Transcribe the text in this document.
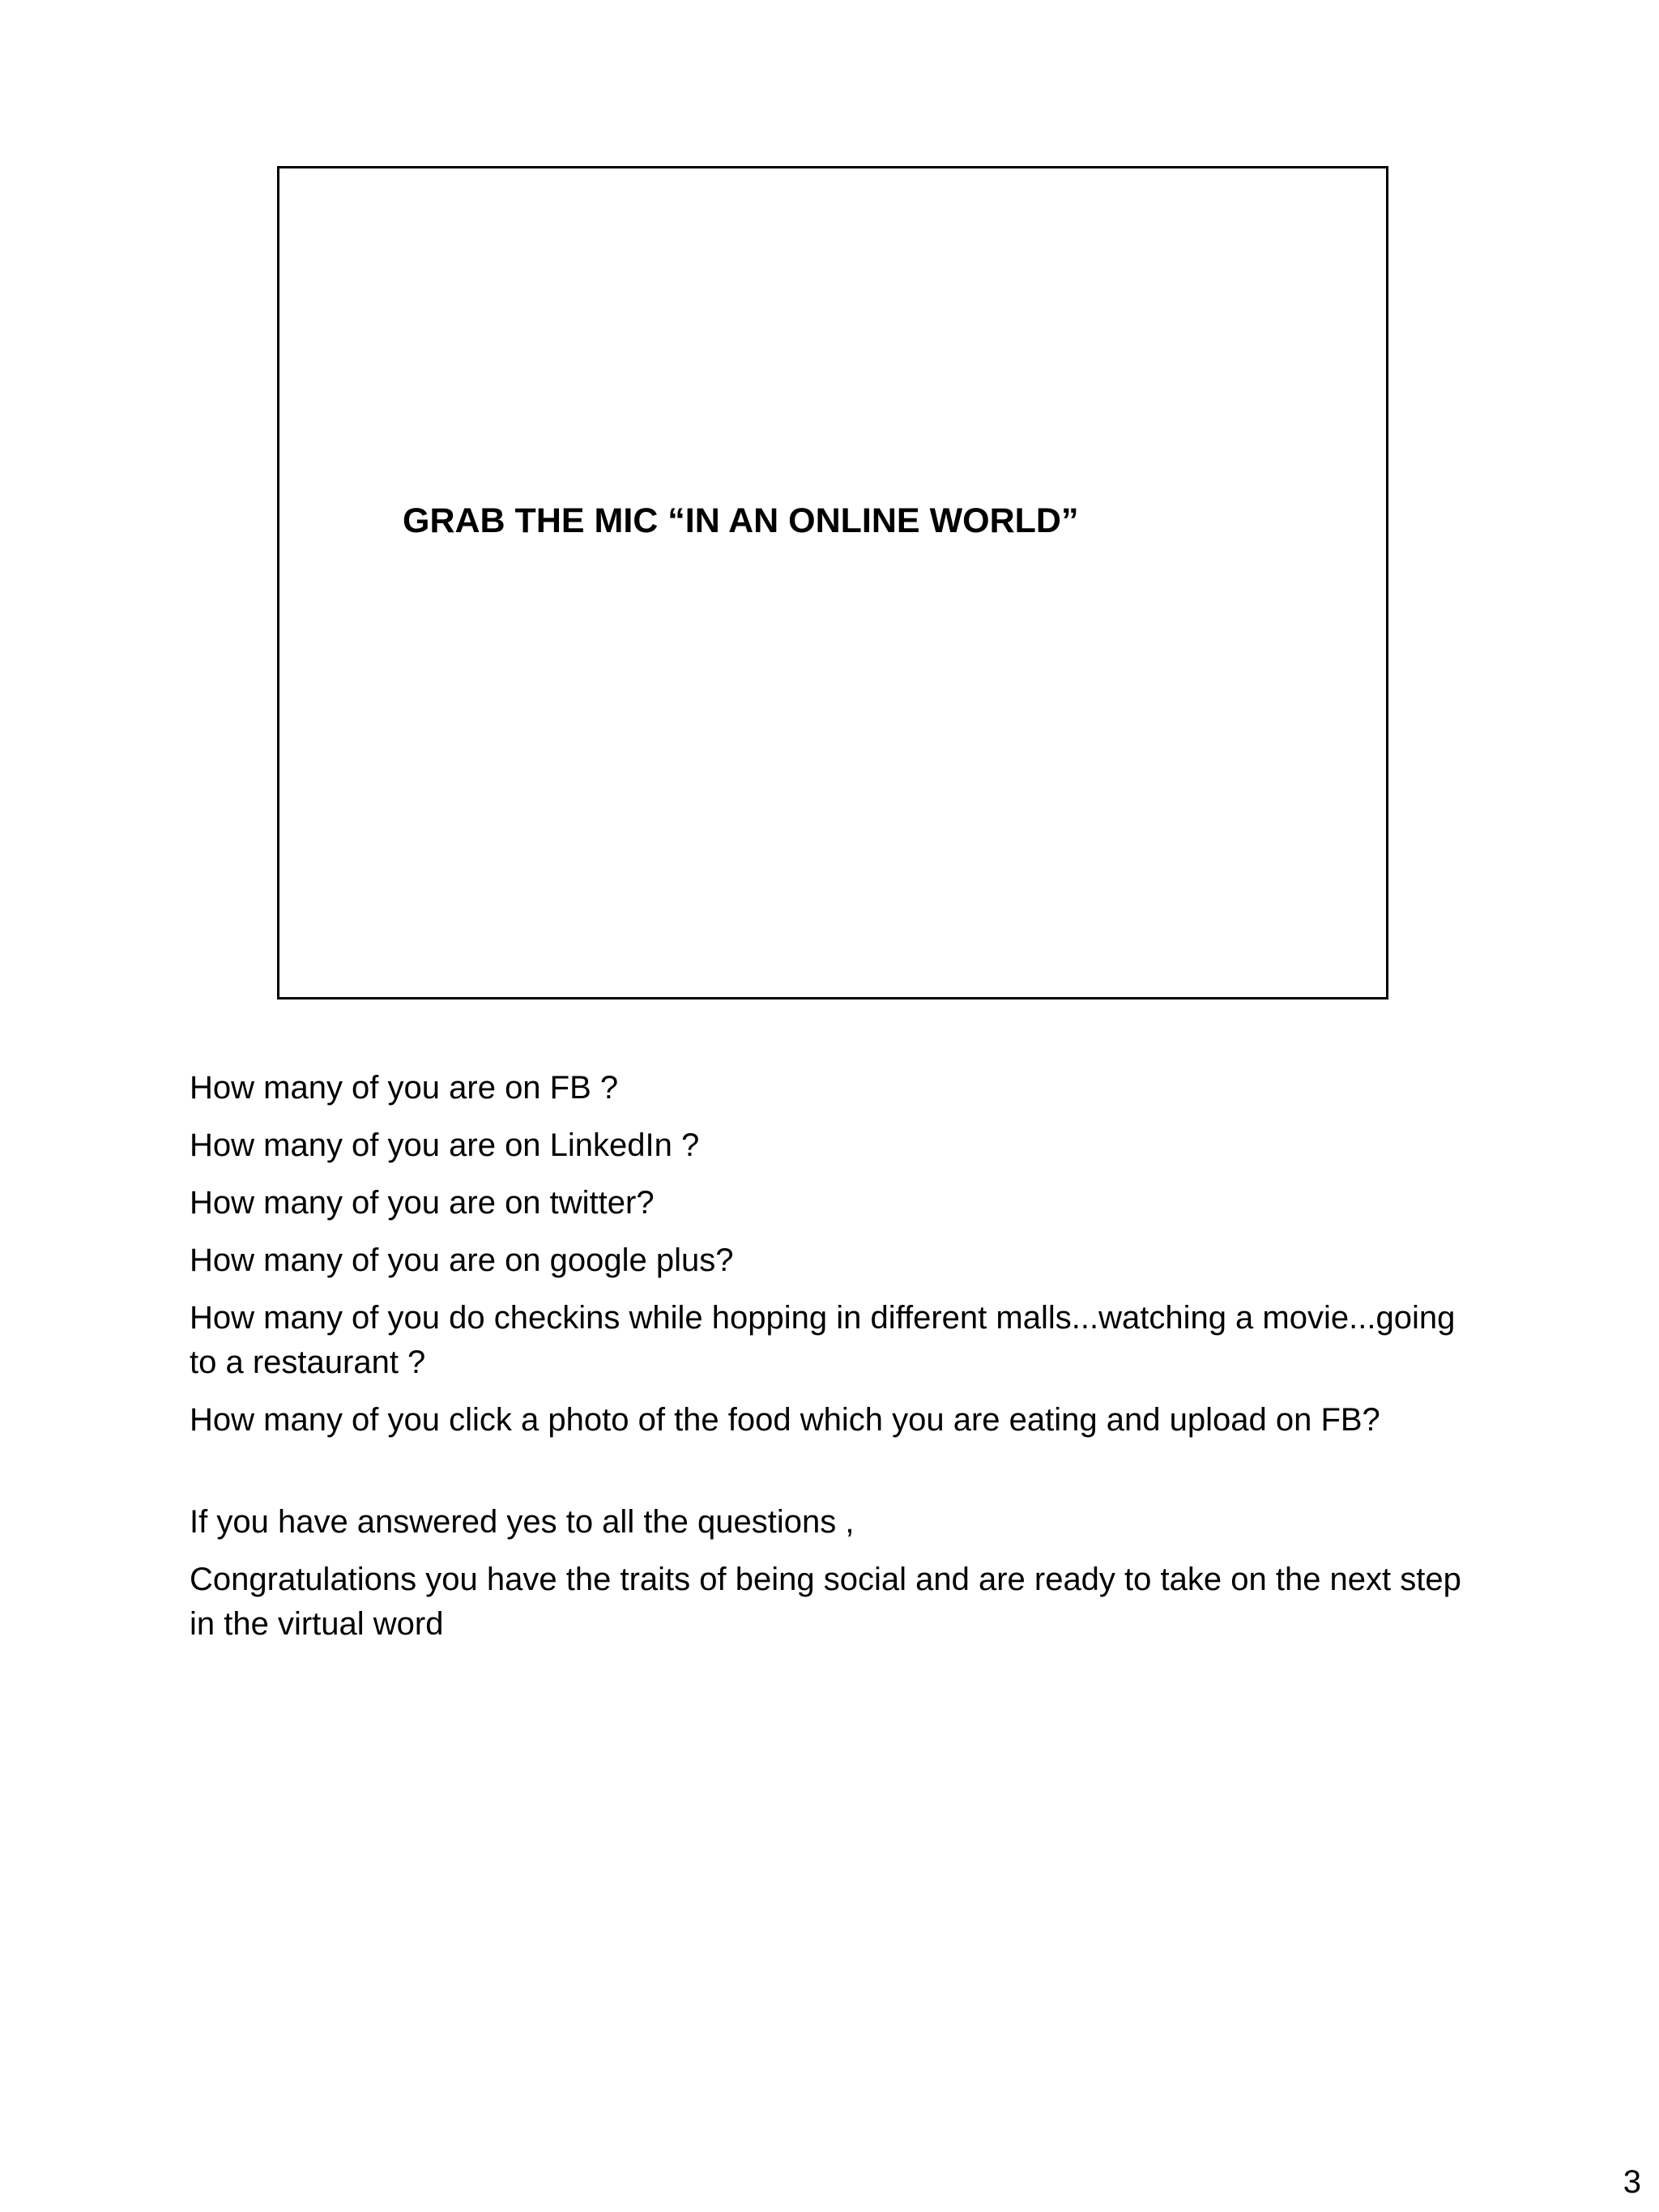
GRAB THE MIC “IN AN ONLINE WORLD”

How many of you are on FB ?

How many of you are on LinkedIn ?

How many of you are on twitter?

How many of you are on google plus?

How many of you do checkins while hopping in different malls...watching a movie...going to a restaurant ?

How many of you click a photo of the food which you are eating and upload on FB?

If you have answered yes to all the questions ,

Congratulations you have the traits of being social and are ready to take on the next step in the virtual word

3
